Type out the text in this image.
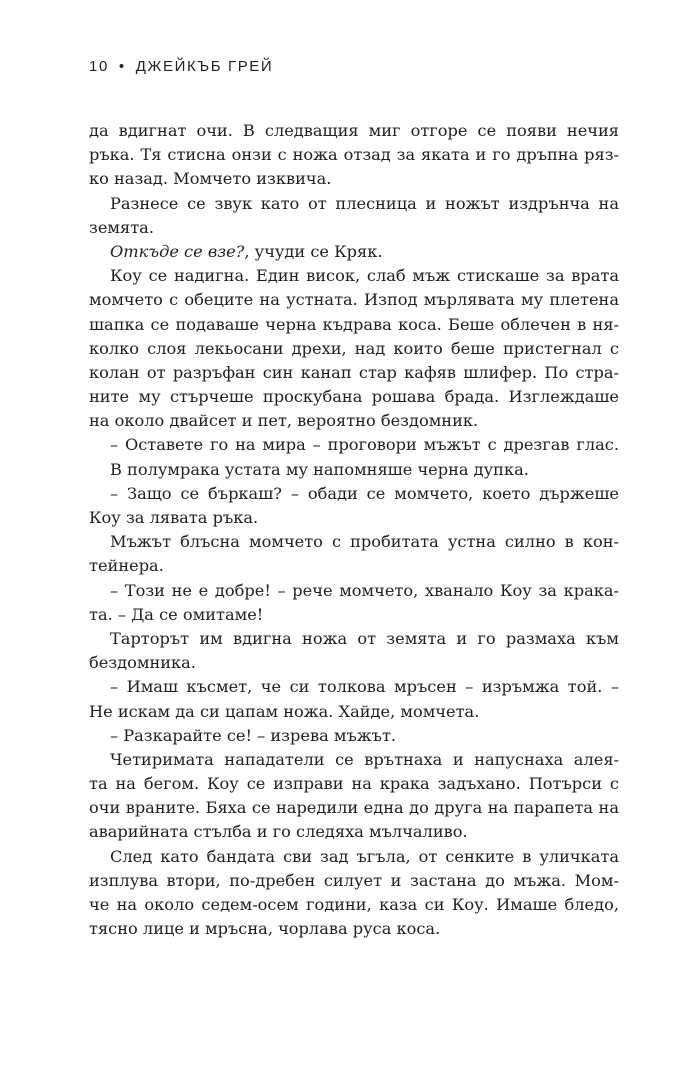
10 • ДЖЕЙКЪБ ГРЕЙ
да вдигнат очи. В следващия миг отгоре се появи нечия
ръка. Тя стисна онзи с ножа отзад за яката и го дръпна ряз-
ко назад. Момчето изквича.
Разнесе се звук като от плесница и ножът издрънча на
земята.
Откъде се взе?, учуди се Кряк.
Коу се надигна. Един висок, слаб мъж стискаше за врата
момчето с обеците на устната. Изпод мърлявата му плетена
шапка се подаваше черна къдрава коса. Беше облечен в ня-
колко слоя лекьосани дрехи, над които беше пристегнал с
колан от разръфан син канап стар кафяв шлифер. По стра-
ните му стърчеше проскубана рошава брада. Изглеждаше
на около двайсет и пет, вероятно бездомник.
– Оставете го на мира – проговори мъжът с дрезгав глас.
В полумрака устата му напомняше черна дупка.
– Защо се бъркаш? – обади се момчето, което държеше
Коу за лявата ръка.
Мъжът блъсна момчето с пробитата устна силно в кон-
тейнера.
– Този не е добре! – рече момчето, хванало Коу за крака-
та. – Да се омитаме!
Тарторът им вдигна ножа от земята и го размаха към
бездомника.
– Имаш късмет, че си толкова мръсен – изръмжа той. –
Не искам да си цапам ножа. Хайде, момчета.
– Разкарайте се! – изрева мъжът.
Четиримата нападатели се врътнаха и напуснаха алея-
та на бегом. Коу се изправи на крака задъхано. Потърси с
очи враните. Бяха се наредили една до друга на парапета на
аварийната стълба и го следяха мълчаливо.
След като бандата сви зад ъгъла, от сенките в уличката
изплува втори, по-дребен силует и застана до мъжа. Мом-
че на около седем-осем години, каза си Коу. Имаше бледо,
тясно лице и мръсна, чорлава руса коса.
